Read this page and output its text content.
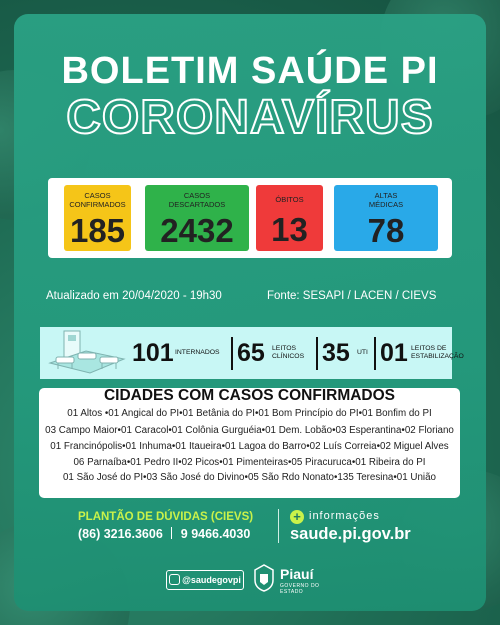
BOLETIM SAÚDE PI
CORONAVÍRUS
CASOS
CONFIRMADOS
185
CASOS
DESCARTADOS
2432
ÓBITOS
13
ALTAS
MÉDICAS
78
Atualizado em 20/04/2020 - 19h30	Fonte: SESAPI / LACEN / CIEVS
101 INTERNADOS 65 LEITOS
CLÍNICOS 35 UTI 01 LEITOS DE
ESTABILIZAÇÃO
CIDADES COM CASOS CONFIRMADOS
01 Altos •01 Angical do PI•01 Betânia do PI•01 Bom Princípio do PI•01 Bonfim do PI
03 Campo Maior•01 Caracol•01 Colônia Gurguéia•01 Dem. Lobão•03 Esperantina•02 Floriano
01 Francinópolis•01 Inhuma•01 Itaueira•01 Lagoa do Barro•02 Luís Correia•02 Miguel Alves
06 Parnaíba•01 Pedro II•02 Picos•01 Pimenteiras•05 Piracuruca•01 Ribeira do PI
01 São José do PI•03 São José do Divino•05 São Rdo Nonato•135 Teresina•01 União
PLANTÃO DE DÚVIDAS (CIEVS)
(86) 3216.3606 9 9466.4030
+ informações
saude.pi.gov.br
@saudegovpi	Piauí
GOVERNO DO ESTADO
